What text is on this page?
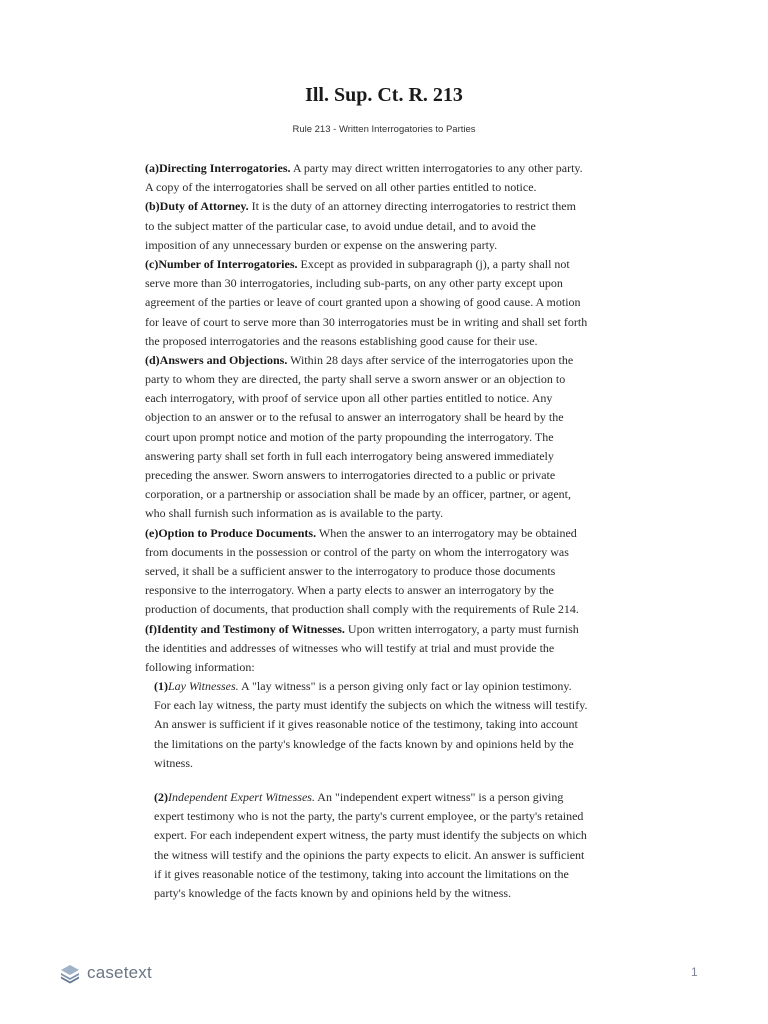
Ill. Sup. Ct. R. 213
Rule 213 - Written Interrogatories to Parties
(a)Directing Interrogatories. A party may direct written interrogatories to any other party.
A copy of the interrogatories shall be served on all other parties entitled to notice.
(b)Duty of Attorney. It is the duty of an attorney directing interrogatories to restrict them
to the subject matter of the particular case, to avoid undue detail, and to avoid the
imposition of any unnecessary burden or expense on the answering party.
(c)Number of Interrogatories. Except as provided in subparagraph (j), a party shall not
serve more than 30 interrogatories, including sub-parts, on any other party except upon
agreement of the parties or leave of court granted upon a showing of good cause. A motion
for leave of court to serve more than 30 interrogatories must be in writing and shall set forth
the proposed interrogatories and the reasons establishing good cause for their use.
(d)Answers and Objections. Within 28 days after service of the interrogatories upon the
party to whom they are directed, the party shall serve a sworn answer or an objection to
each interrogatory, with proof of service upon all other parties entitled to notice. Any
objection to an answer or to the refusal to answer an interrogatory shall be heard by the
court upon prompt notice and motion of the party propounding the interrogatory. The
answering party shall set forth in full each interrogatory being answered immediately
preceding the answer. Sworn answers to interrogatories directed to a public or private
corporation, or a partnership or association shall be made by an officer, partner, or agent,
who shall furnish such information as is available to the party.
(e)Option to Produce Documents. When the answer to an interrogatory may be obtained
from documents in the possession or control of the party on whom the interrogatory was
served, it shall be a sufficient answer to the interrogatory to produce those documents
responsive to the interrogatory. When a party elects to answer an interrogatory by the
production of documents, that production shall comply with the requirements of Rule 214.
(f)Identity and Testimony of Witnesses. Upon written interrogatory, a party must furnish
the identities and addresses of witnesses who will testify at trial and must provide the
following information:
(1)Lay Witnesses. A "lay witness" is a person giving only fact or lay opinion testimony.
For each lay witness, the party must identify the subjects on which the witness will testify.
An answer is sufficient if it gives reasonable notice of the testimony, taking into account
the limitations on the party's knowledge of the facts known by and opinions held by the
witness.
(2)Independent Expert Witnesses. An "independent expert witness" is a person giving
expert testimony who is not the party, the party's current employee, or the party's retained
expert. For each independent expert witness, the party must identify the subjects on which
the witness will testify and the opinions the party expects to elicit. An answer is sufficient
if it gives reasonable notice of the testimony, taking into account the limitations on the
party's knowledge of the facts known by and opinions held by the witness.
casetext	1
